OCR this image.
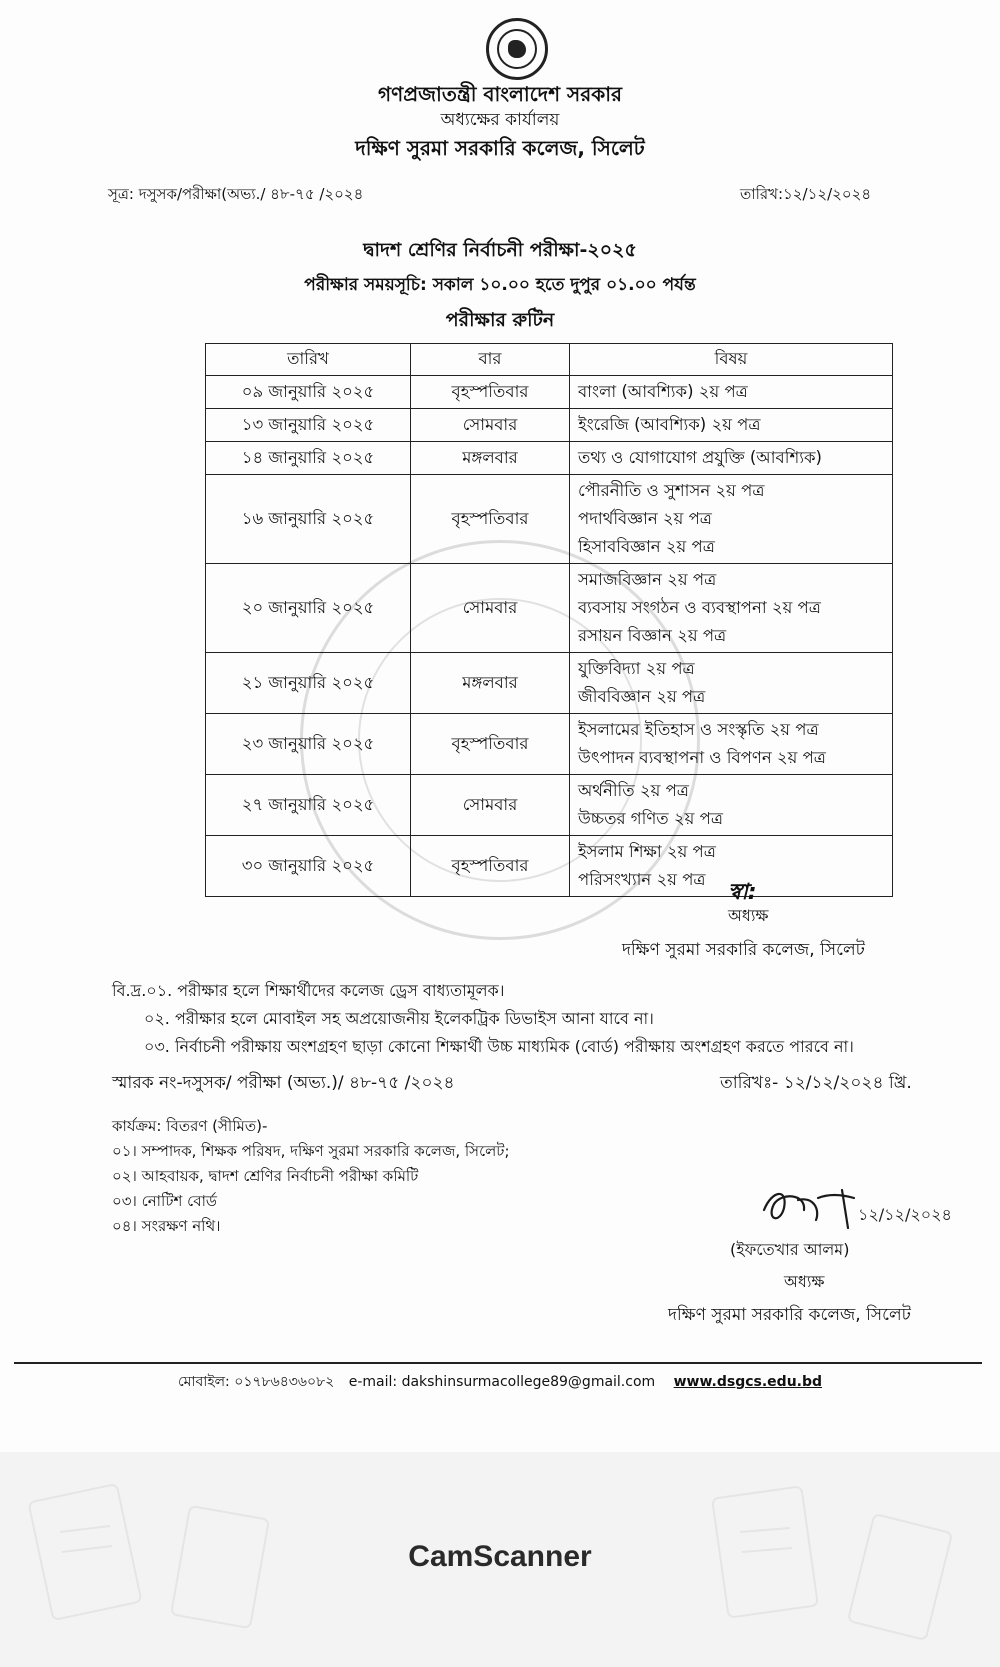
গণপ্রজাতন্ত্রী বাংলাদেশ সরকার
অধ্যক্ষের কার্যালয়
দক্ষিণ সুরমা সরকারি কলেজ, সিলেট
সূত্র: দসুসক/পরীক্ষা(অভ্য./ ৪৮-৭৫ /২০২৪	তারিখ:১২/১২/২০২৪
দ্বাদশ শ্রেণির নির্বাচনী পরীক্ষা-২০২৫
পরীক্ষার সময়সূচি: সকাল ১০.০০ হতে দুপুর ০১.০০ পর্যন্ত
পরীক্ষার রুটিন
তারিখ	বার	বিষয়
০৯ জানুয়ারি ২০২৫	বৃহস্পতিবার	বাংলা (আবশ্যিক) ২য় পত্র

১৩ জানুয়ারি ২০২৫	সোমবার	ইংরেজি (আবশ্যিক) ২য় পত্র

১৪ জানুয়ারি ২০২৫	মঙ্গলবার	তথ্য ও যোগাযোগ প্রযুক্তি (আবশ্যিক)

১৬ জানুয়ারি ২০২৫	বৃহস্পতিবার	পৌরনীতি ও সুশাসন ২য় পত্র
পদার্থবিজ্ঞান ২য় পত্র
হিসাববিজ্ঞান ২য় পত্র

২০ জানুয়ারি ২০২৫	সোমবার	সমাজবিজ্ঞান ২য় পত্র
ব্যবসায় সংগঠন ও ব্যবস্থাপনা ২য় পত্র
রসায়ন বিজ্ঞান ২য় পত্র

২১ জানুয়ারি ২০২৫	মঙ্গলবার	যুক্তিবিদ্যা ২য় পত্র
জীববিজ্ঞান ২য় পত্র

২৩ জানুয়ারি ২০২৫	বৃহস্পতিবার	ইসলামের ইতিহাস ও সংস্কৃতি ২য় পত্র
উৎপাদন ব্যবস্থাপনা ও বিপণন ২য় পত্র

২৭ জানুয়ারি ২০২৫	সোমবার	অর্থনীতি ২য় পত্র
উচ্চতর গণিত ২য় পত্র

৩০ জানুয়ারি ২০২৫	বৃহস্পতিবার	ইসলাম শিক্ষা ২য় পত্র
পরিসংখ্যান ২য় পত্র
স্বা:
অধ্যক্ষ
দক্ষিণ সুরমা সরকারি কলেজ, সিলেট
বি.দ্র.০১. পরীক্ষার হলে শিক্ষার্থীদের কলেজ ড্রেস বাধ্যতামূলক।
০২. পরীক্ষার হলে মোবাইল সহ অপ্রয়োজনীয় ইলেকট্রিক ডিভাইস আনা যাবে না।
০৩. নির্বাচনী পরীক্ষায় অংশগ্রহণ ছাড়া কোনো শিক্ষার্থী উচ্চ মাধ্যমিক (বোর্ড) পরীক্ষায় অংশগ্রহণ করতে পারবে না।
স্মারক নং-দসুসক/ পরীক্ষা (অভ্য.)/ ৪৮-৭৫ /২০২৪	তারিখঃ- ১২/১২/২০২৪ খ্রি.
কার্যক্রম: বিতরণ (সীমিত)-
০১। সম্পাদক, শিক্ষক পরিষদ, দক্ষিণ সুরমা সরকারি কলেজ, সিলেট;
০২। আহবায়ক, দ্বাদশ শ্রেণির নির্বাচনী পরীক্ষা কমিটি
০৩। নোটিশ বোর্ড
০৪। সংরক্ষণ নথি।
১২/১২/২০২৪
(ইফতেখার আলম)
অধ্যক্ষ
দক্ষিণ সুরমা সরকারি কলেজ, সিলেট
মোবাইল: ০১৭৮৬৪৩৬০৮২ e-mail: dakshinsurmacollege89@gmail.com www.dsgcs.edu.bd
CamScanner
